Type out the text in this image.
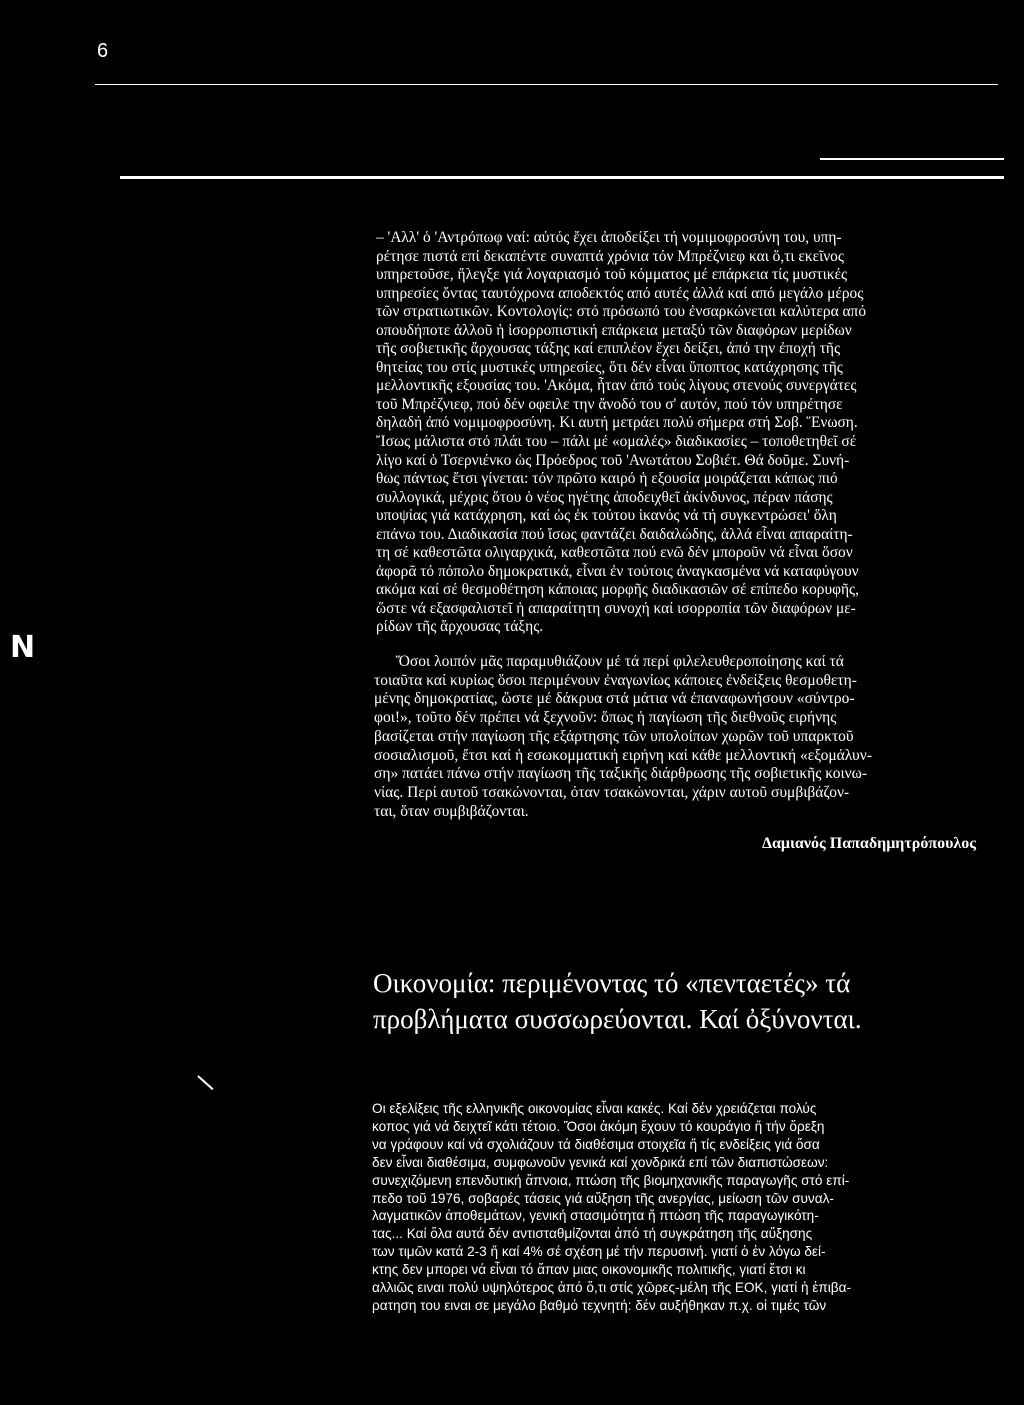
6
Ν
– 'Αλλ' ὁ 'Αντρόπωφ ναί: αὐτός ἔχει ἀποδείξει τή νομιμοφροσύνη του, υπη-
ρέτησε πιστά επί δεκαπέντε συναπτά χρόνια τόν Μπρέζνιεφ και ὅ,τι εκεῖνος
υπηρετοῦσε, ἤλεγξε γιά λογαριασμό τοῦ κόμματος μέ επάρκεια τίς μυστικές
υπηρεσίες ὄντας ταυτόχρονα αποδεκτός από αυτές ἀλλά καί από μεγάλο μέρος
τῶν στρατιωτικῶν. Κοντολογίς: στό πρόσωπό του ἐνσαρκώνεται καλύτερα από
οπουδήποτε ἀλλοῦ ἡ ἰσορροπιστική επάρκεια μεταξύ τῶν διαφόρων μερίδων
τῆς σοβιετικῆς ἄρχουσας τάξης καί επιπλέον ἔχει δείξει, ἀπό την ἐποχή τῆς
θητείας του στίς μυστικές υπηρεσίες, ὅτι δέν εἶναι ὕποπτος κατάχρησης τῆς
μελλοντικῆς εξουσίας του. 'Ακόμα, ἦταν ἀπό τούς λίγους στενούς συνεργάτες
τοῦ Μπρέζνιεφ, πού δέν οφειλε την ἄνοδό του σ' αυτόν, πού τόν υπηρέτησε
δηλαδή ἀπό νομιμοφροσύνη. Κι αυτή μετράει πολύ σήμερα στή Σοβ. Ἕνωση.
Ἴσως μάλιστα στό πλάι του – πάλι μέ «ομαλές» διαδικασίες – τοποθετηθεῖ σέ
λίγο καί ὁ Τσερνιένκο ὡς Πρόεδρος τοῦ 'Ανωτάτου Σοβιέτ. Θά δοῦμε. Συνή-
θως πάντως ἔτσι γίνεται: τόν πρῶτο καιρό ἡ εξουσία μοιράζεται κάπως πιό
συλλογικά, μέχρις ὅτου ὁ νέος ηγέτης ἀποδειχθεῖ ἀκίνδυνος, πέραν πάσης
υποψίας γιά κατάχρηση, καί ὡς ἐκ τούτου ἱκανός νά τή συγκεντρώσει' ὅλη
επάνω του. Διαδικασία πού ἴσως φαντάζει δαιδαλώδης, ἀλλά εἶναι απαραίτη-
τη σέ καθεστῶτα ολιγαρχικά, καθεστῶτα πού ενῶ δέν μποροῦν νά εἶναι ὅσον
ἀφορᾶ τό πόπολο δημοκρατικά, εἶναι ἐν τούτοις ἀναγκασμένα νά καταφύγουν
ακόμα καί σέ θεσμοθέτηση κάποιας μορφῆς διαδικασιῶν σέ επίπεδο κορυφῆς,
ὥστε νά εξασφαλιστεῖ ἡ απαραίτητη συνοχή καί ισορροπία τῶν διαφόρων με-
ρίδων τῆς ἄρχουσας τάξης.
Ὅσοι λοιπόν μᾶς παραμυθιάζουν μέ τά περί φιλελευθεροποίησης καί τά
τοιαῦτα καί κυρίως ὅσοι περιμένουν ἐναγωνίως κάποιες ἐνδείξεις θεσμοθετη-
μένης δημοκρατίας, ὥστε μέ δάκρυα στά μάτια νά ἐπαναφωνήσουν «σύντρο-
φοι!», τοῦτο δέν πρέπει νά ξεχνοῦν: ὅπως ἡ παγίωση τῆς διεθνοῦς ειρήνης
βασίζεται στήν παγίωση τῆς εξάρτησης τῶν υπολοίπων χωρῶν τοῦ υπαρκτοῦ
σοσιαλισμοῦ, ἔτσι καί ἡ εσωκομματική ειρήνη καί κάθε μελλοντική «εξομάλυν-
ση» πατάει πάνω στήν παγίωση τῆς ταξικῆς διάρθρωσης τῆς σοβιετικῆς κοινω-
νίας. Περί αυτοῦ τσακώνονται, όταν τσακώνονται, χάριν αυτοῦ συμβιβάζον-
ται, ὅταν συμβιβάζονται.
Δαμιανός Παπαδημητρόπουλος
Οικονομία: περιμένοντας τό «πενταετές» τά
προβλήματα συσσωρεύονται. Καί ὀξύνονται.
Οι εξελίξεις τῆς ελληνικῆς οικονομίας εἶναι κακές. Καί δέν χρειάζεται πολύς
κοπος γιά νά δειχτεῖ κάτι τέτοιο. Ὅσοι ἀκόμη ἔχουν τό κουράγιο ἤ τήν ὄρεξη
να γράφουν καί νά σχολιάζουν τά διαθέσιμα στοιχεῖα ἤ τίς ενδείξεις γιά ὅσα
δεν εἶναι διαθέσιμα, συμφωνοῦν γενικά καί χονδρικά επί τῶν διαπιστώσεων:
συνεχιζόμενη επενδυτική ἄπνοια, πτώση τῆς βιομηχανικῆς παραγωγῆς στό επί-
πεδο τοῦ 1976, σοβαρές τάσεις γιά αὔξηση τῆς ανεργίας, μείωση τῶν συναλ-
λαγματικῶν ἀποθεμάτων, γενική στασιμότητα ἤ πτώση τῆς παραγωγικότη-
τας... Καί ὅλα αυτά δέν αντισταθμίζονται ἀπό τή συγκράτηση τῆς αὔξησης
των τιμῶν κατά 2-3 ἤ καί 4% σέ σχέση μέ τήν περυσινή. γιατί ὁ ἐν λόγω δεί-
κτης δεν μπορει νά εἶναι τό ἄπαν μιας οικονομικῆς πολιτικῆς, γιατί ἔτσι κι
αλλιῶς ειναι πολύ υψηλότερος ἀπό ὅ,τι στίς χῶρες-μέλη τῆς ΕΟΚ, γιατί ἡ ἐπιβα-
ρατηση του ειναι σε μεγάλο βαθμό τεχνητή: δέν αυξήθηκαν π.χ. οἱ τιμές τῶν
